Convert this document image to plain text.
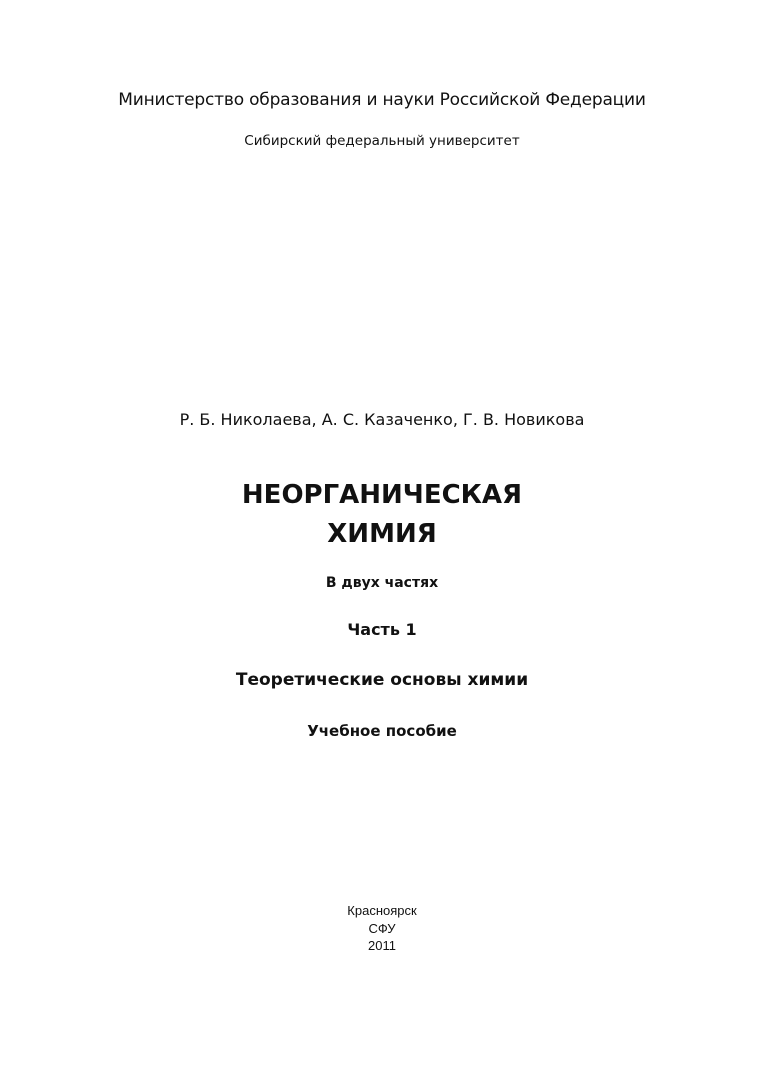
Министерство образования и науки Российской Федерации
Сибирский федеральный университет
Р. Б. Николаева, А. С. Казаченко, Г. В. Новикова
НЕОРГАНИЧЕСКАЯ
ХИМИЯ
В двух частях
Часть 1
Теоретические основы химии
Учебное пособие
Красноярск
СФУ
2011
